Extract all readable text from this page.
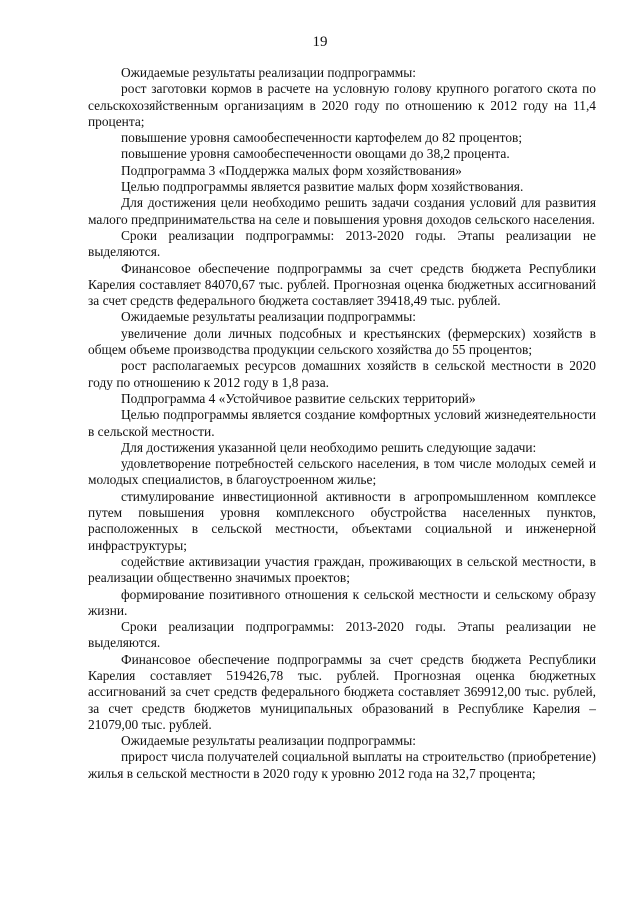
19

Ожидаемые результаты реализации подпрограммы:

рост заготовки кормов в расчете на условную голову крупного рогатого скота по сельскохозяйственным организациям в 2020 году по отношению к 2012 году на 11,4 процента;

повышение уровня самообеспеченности картофелем до 82 процентов;

повышение уровня самообеспеченности овощами до 38,2 процента.

Подпрограмма 3 «Поддержка малых форм хозяйствования»

Целью подпрограммы является развитие малых форм хозяйствования.

Для достижения цели необходимо решить задачи создания условий для развития малого предпринимательства на селе и повышения уровня доходов сельского населения.

Сроки реализации подпрограммы: 2013-2020 годы. Этапы реализации не выделяются.

Финансовое обеспечение подпрограммы за счет средств бюджета Республики Карелия составляет 84070,67 тыс. рублей. Прогнозная оценка бюджетных ассигнований за счет средств федерального бюджета составляет 39418,49 тыс. рублей.

Ожидаемые результаты реализации подпрограммы:

увеличение доли личных подсобных и крестьянских (фермерских) хозяйств в общем объеме производства продукции сельского хозяйства до 55 процентов;

рост располагаемых ресурсов домашних хозяйств в сельской местности в 2020 году по отношению к 2012 году в 1,8 раза.

Подпрограмма 4 «Устойчивое развитие сельских территорий»

Целью подпрограммы является создание комфортных условий жизнедеятельности в сельской местности.

Для достижения указанной цели необходимо решить следующие задачи:

удовлетворение потребностей сельского населения, в том числе молодых семей и молодых специалистов, в благоустроенном жилье;

стимулирование инвестиционной активности в агропромышленном комплексе путем повышения уровня комплексного обустройства населенных пунктов, расположенных в сельской местности, объектами социальной и инженерной инфраструктуры;

содействие активизации участия граждан, проживающих в сельской местности, в реализации общественно значимых проектов;

формирование позитивного отношения к сельской местности и сельскому образу жизни.

Сроки реализации подпрограммы: 2013-2020 годы. Этапы реализации не выделяются.

Финансовое обеспечение подпрограммы за счет средств бюджета Республики Карелия составляет 519426,78 тыс. рублей. Прогнозная оценка бюджетных ассигнований за счет средств федерального бюджета составляет 369912,00 тыс. рублей, за счет средств бюджетов муниципальных образований в Республике Карелия – 21079,00 тыс. рублей.

Ожидаемые результаты реализации подпрограммы:

прирост числа получателей социальной выплаты на строительство (приобретение) жилья в сельской местности в 2020 году к уровню 2012 года на 32,7 процента;
